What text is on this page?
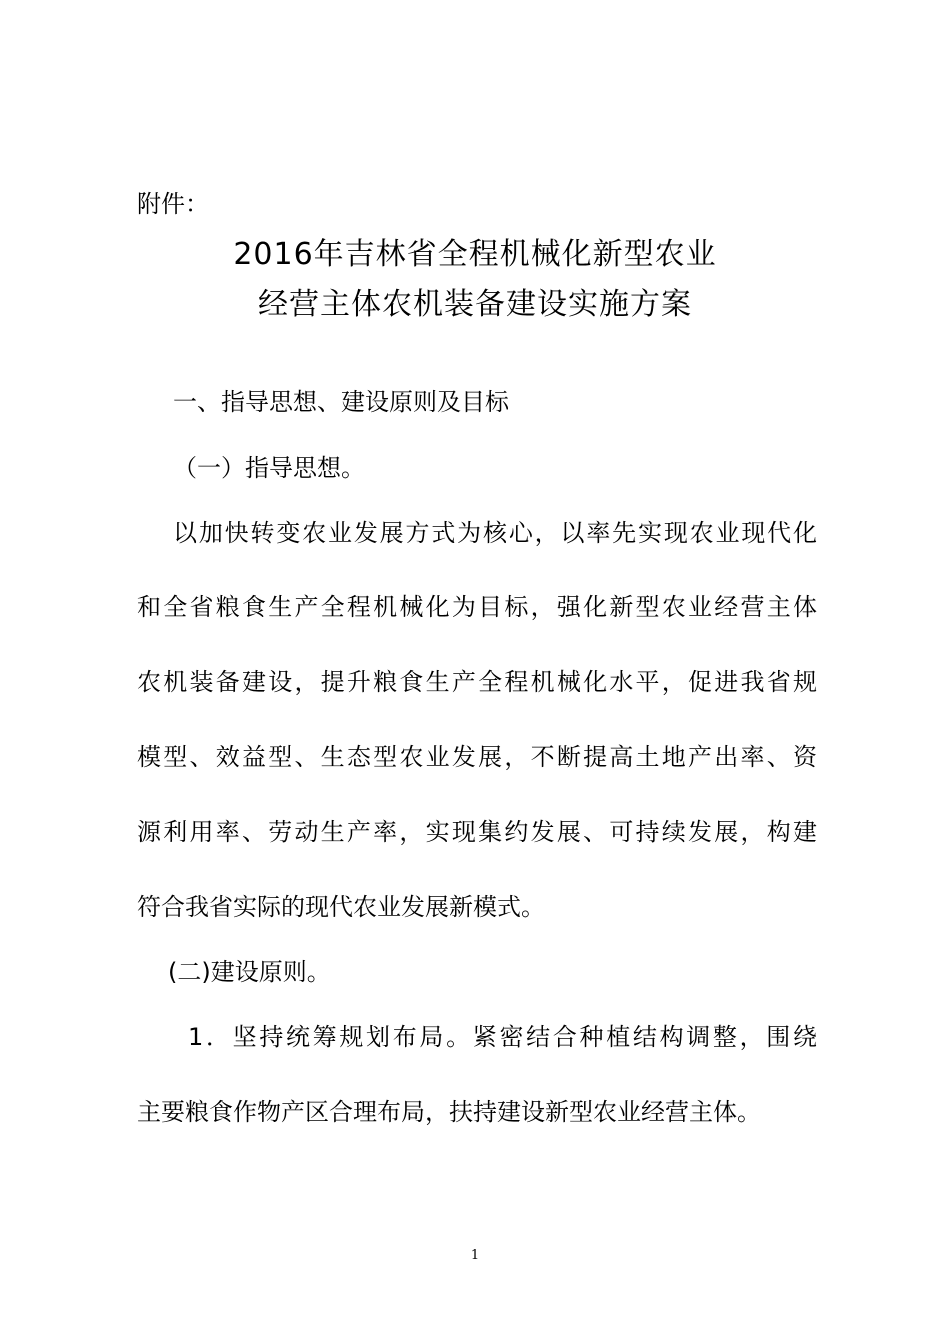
附件：
2016年吉林省全程机械化新型农业
经营主体农机装备建设实施方案
一、指导思想、建设原则及目标
（一）指导思想。
以加快转变农业发展方式为核心，以率先实现农业现代化
和全省粮食生产全程机械化为目标，强化新型农业经营主体
农机装备建设，提升粮食生产全程机械化水平，促进我省规
模型、效益型、生态型农业发展，不断提高土地产出率、资
源利用率、劳动生产率，实现集约发展、可持续发展，构建
符合我省实际的现代农业发展新模式。
(二)建设原则。
1．坚持统筹规划布局。紧密结合种植结构调整，围绕
主要粮食作物产区合理布局，扶持建设新型农业经营主体。
1
